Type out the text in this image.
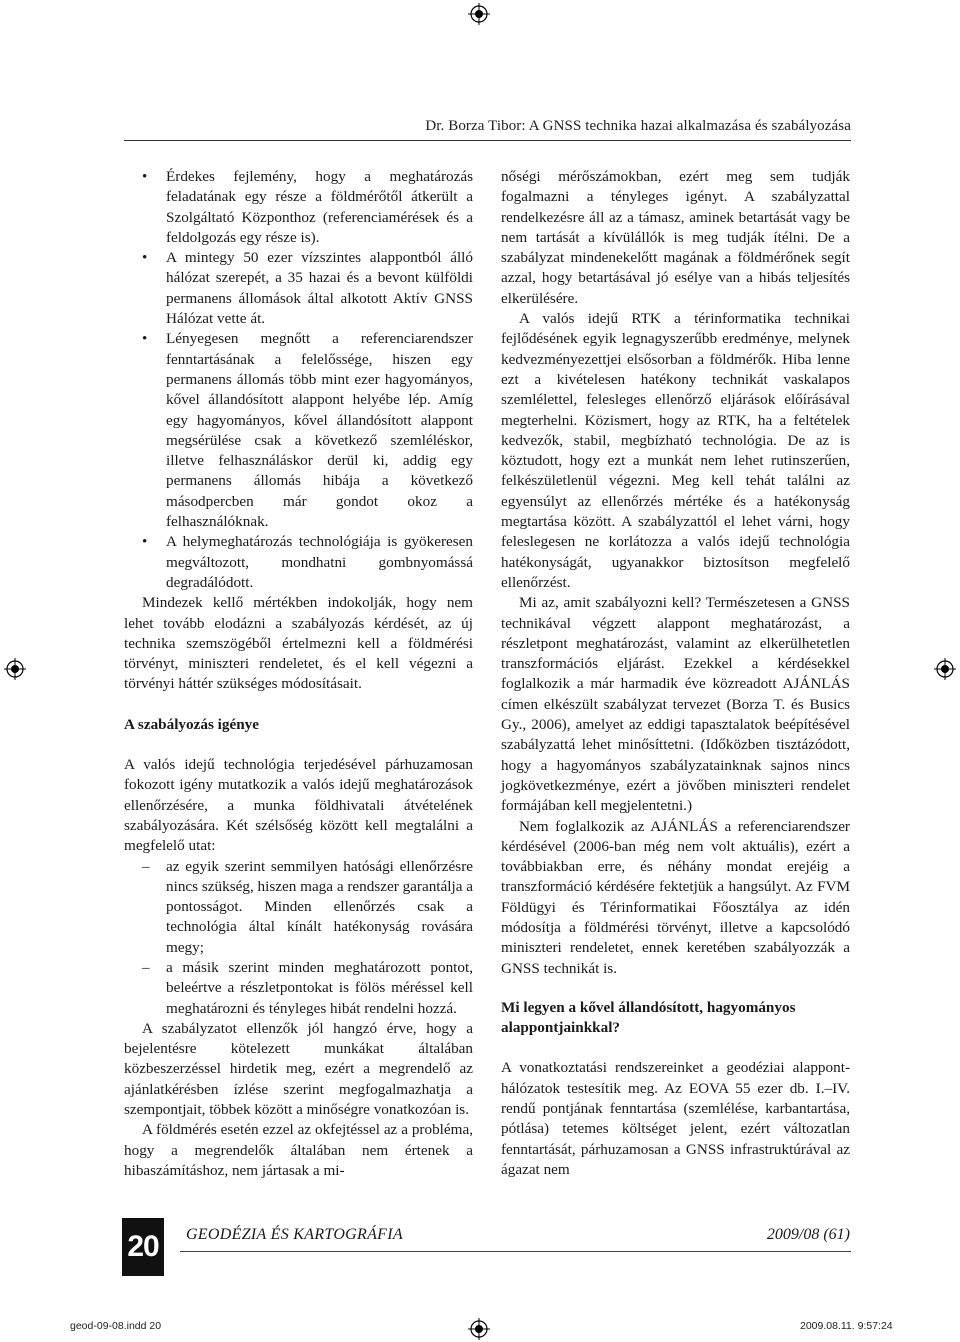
Dr. Borza Tibor: A GNSS technika hazai alkalmazása és szabályozása
• Érdekes fejlemény, hogy a meghatározás feladatának egy része a földmérőtől átkerült a Szolgáltató Központhoz (referenciamérések és a feldolgozás egy része is).
• A mintegy 50 ezer vízszintes alappontból álló hálózat szerepét, a 35 hazai és a bevont külföldi permanens állomások által alkotott Aktív GNSS Hálózat vette át.
• Lényegesen megnőtt a referenciarendszer fenntartásának a felelőssége, hiszen egy permanens állomás több mint ezer hagyományos, kővel állandósított alappont helyébe lép. Amíg egy hagyományos, kővel állandósított alappont megsérülése csak a következő szemléléskor, illetve felhasználáskor derül ki, addig egy permanens állomás hibája a következő másodpercben már gondot okoz a felhasználóknak.
• A helymeghatározás technológiája is gyökeresen megváltozott, mondhatni gombnyomássá degradálódott.

Mindezek kellő mértékben indokolják, hogy nem lehet tovább elodázni a szabályozás kérdését, az új technika szemszögéből értelmezni kell a földmérési törvényt, miniszteri rendeletet, és el kell végezni a törvényi háttér szükséges módosításait.

A szabályozás igénye

A valós idejű technológia terjedésével párhuzamosan fokozott igény mutatkozik a valós idejű meghatározások ellenőrzésére, a munka földhivatali átvételének szabályozására. Két szélsőség között kell megtalálni a megfelelő utat:

– az egyik szerint semmilyen hatósági ellenőrzésre nincs szükség, hiszen maga a rendszer garantálja a pontosságot. Minden ellenőrzés csak a technológia által kínált hatékonyság rovására megy;
– a másik szerint minden meghatározott pontot, beleértve a részletpontokat is fölös méréssel kell meghatározni és tényleges hibát rendelni hozzá.

A szabályzatot ellenzők jól hangzó érve, hogy a bejelentésre kötelezett munkákat általában közbeszerzéssel hirdetik meg, ezért a megrendelő az ajánlatkérésben ízlése szerint megfogalmazhatja a szempontjait, többek között a minőségre vonatkozóan is.

A földmérés esetén ezzel az okfejtéssel az a probléma, hogy a megrendelők általában nem értenek a hibaszámításhoz, nem jártasak a mi-

nőségi mérőszámokban, ezért meg sem tudják fogalmazni a tényleges igényt. A szabályzattal rendelkezésre áll az a támasz, aminek betartását vagy be nem tartását a kívülállók is meg tudják ítélni. De a szabályzat mindenekelőtt magának a földmérőnek segít azzal, hogy betartásával jó esélye van a hibás teljesítés elkerülésére.

A valós idejű RTK a térinformatika technikai fejlődésének egyik legnagyszerűbb eredménye, melynek kedvezményezettjei elsősorban a földmérők. Hiba lenne ezt a kivételesen hatékony technikát vaskalapos szemlélettel, felesleges ellenőrző eljárások előírásával megterhelni. Közismert, hogy az RTK, ha a feltételek kedvezők, stabil, megbízható technológia. De az is köztudott, hogy ezt a munkát nem lehet rutinszerűen, felkészületlenül végezni. Meg kell tehát találni az egyensúlyt az ellenőrzés mértéke és a hatékonyság megtartása között. A szabályzattól el lehet várni, hogy feleslegesen ne korlátozza a valós idejű technológia hatékonyságát, ugyanakkor biztosítson megfelelő ellenőrzést.

Mi az, amit szabályozni kell? Természetesen a GNSS technikával végzett alappont meghatározást, a részletpont meghatározást, valamint az elkerülhetetlen transzformációs eljárást. Ezekkel a kérdésekkel foglalkozik a már harmadik éve közreadott AJÁNLÁS címen elkészült szabályzat tervezet (Borza T. és Busics Gy., 2006), amelyet az eddigi tapasztalatok beépítésével szabályzattá lehet minősíttetni. (Időközben tisztázódott, hogy a hagyományos szabályzatainknak sajnos nincs jogkövetkezménye, ezért a jövőben miniszteri rendelet formájában kell megjelentetni.)

Nem foglalkozik az AJÁNLÁS a referenciarendszer kérdésével (2006-ban még nem volt aktuális), ezért a továbbiakban erre, és néhány mondat erejéig a transzformáció kérdésére fektetjük a hangsúlyt. Az FVM Földügyi és Térinformatikai Főosztálya az idén módosítja a földmérési törvényt, illetve a kapcsolódó miniszteri rendeletet, ennek keretében szabályozzák a GNSS technikát is.

Mi legyen a kővel állandósított, hagyományos alappontjainkkal?

A vonatkoztatási rendszereinket a geodéziai alapponthálózatok testesítik meg. Az EOVA 55 ezer db. I.–IV. rendű pontjának fenntartása (szemlélése, karbantartása, pótlása) tetemes költséget jelent, ezért változatlan fenntartását, párhuzamosan a GNSS infrastruktúrával az ágazat nem

20	GEODÉZIA ÉS KARTOGRÁFIA	2009/08 (61)
geod-09-08.indd 20	2009.08.11. 9:57:24
